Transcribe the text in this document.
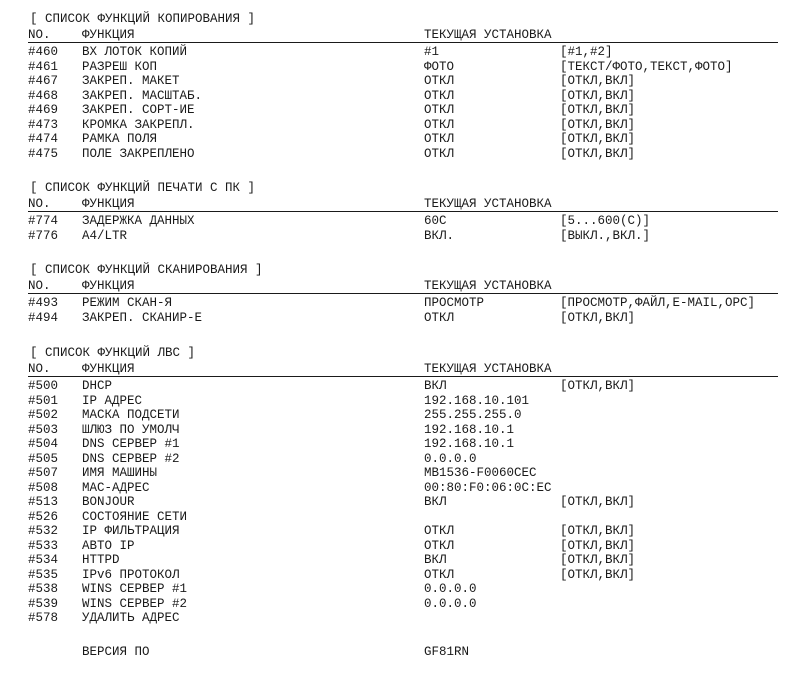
[ СПИСОК ФУНКЦИЙ КОПИРОВАНИЯ ]
NO.	ФУНКЦИЯ	ТЕКУЩАЯ УСТАНОВКА
#460 ВХ ЛОТОК КОПИЙ	#1	[#1,#2]
#461 РАЗРЕШ КОП	ФОТО	[ТЕКСТ/ФОТО,ТЕКСТ,ФОТО]
#467 ЗАКРЕП. МАКЕТ	ОТКЛ	[ОТКЛ,ВКЛ]
#468 ЗАКРЕП. МАСШТАБ.	ОТКЛ	[ОТКЛ,ВКЛ]
#469 ЗАКРЕП. СОРТ-ИЕ	ОТКЛ	[ОТКЛ,ВКЛ]
#473 КРОМКА ЗАКРЕПЛ.	ОТКЛ	[ОТКЛ,ВКЛ]
#474 РАМКА ПОЛЯ	ОТКЛ	[ОТКЛ,ВКЛ]
#475 ПОЛЕ ЗАКРЕПЛЕНО	ОТКЛ	[ОТКЛ,ВКЛ]
[ СПИСОК ФУНКЦИЙ ПЕЧАТИ С ПК ]
NO.	ФУНКЦИЯ	ТЕКУЩАЯ УСТАНОВКА
#774 ЗАДЕРЖКА ДАННЫХ	60С	[5...600(С)]
#776 A4/LTR	ВКЛ.	[ВЫКЛ.,ВКЛ.]
[ СПИСОК ФУНКЦИЙ СКАНИРОВАНИЯ ]
NO.	ФУНКЦИЯ	ТЕКУЩАЯ УСТАНОВКА
#493 РЕЖИМ СКАН-Я	ПРОСМОТР	[ПРОСМОТР,ФАЙЛ,E-MAIL,OPC]
#494 ЗАКРЕП. СКАНИР-Е	ОТКЛ	[ОТКЛ,ВКЛ]
[ СПИСОК ФУНКЦИЙ ЛВС ]
NO.	ФУНКЦИЯ	ТЕКУЩАЯ УСТАНОВКА
#500 DHCP	ВКЛ	[ОТКЛ,ВКЛ]
#501 IP АДРЕС	192.168.10.101
#502 МАСКА ПОДСЕТИ	255.255.255.0
#503 ШЛЮЗ ПО УМОЛЧ	192.168.10.1
#504 DNS СЕРВЕР #1	192.168.10.1
#505 DNS СЕРВЕР #2	0.0.0.0
#507 ИМЯ МАШИНЫ	MB1536-F0060CEC
#508 MAC-АДРЕС	00:80:F0:06:0C:EC
#513 BONJOUR	ВКЛ	[ОТКЛ,ВКЛ]
#526 СОСТОЯНИЕ СЕТИ
#532 IP ФИЛЬТРАЦИЯ	ОТКЛ	[ОТКЛ,ВКЛ]
#533 АВТО IP	ОТКЛ	[ОТКЛ,ВКЛ]
#534 HTTPD	ВКЛ	[ОТКЛ,ВКЛ]
#535 IPv6 ПРОТОКОЛ	ОТКЛ	[ОТКЛ,ВКЛ]
#538 WINS СЕРВЕР #1	0.0.0.0
#539 WINS СЕРВЕР #2	0.0.0.0
#578 УДАЛИТЬ АДРЕС
ВЕРСИЯ ПО	GF81RN
